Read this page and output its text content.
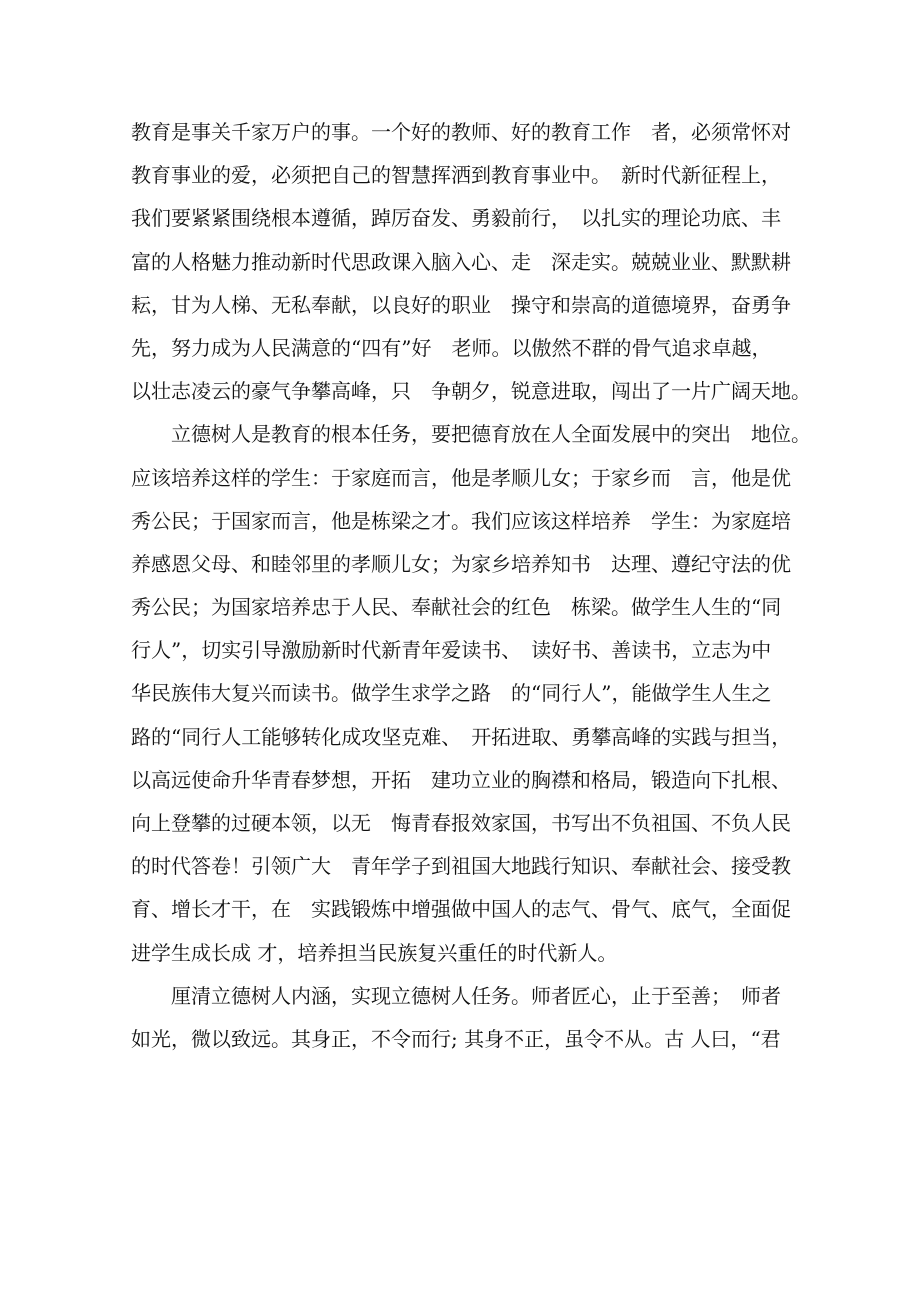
教育是事关千家万户的事。一个好的教师、好的教育工作　者，必须常怀对
教育事业的爱，必须把自己的智慧挥洒到教育事业中。　新时代新征程上，
我们要紧紧围绕根本遵循，踔厉奋发、勇毅前行，　以扎实的理论功底、丰
富的人格魅力推动新时代思政课入脑入心、走　深走实。兢兢业业、默默耕
耘，甘为人梯、无私奉献，以良好的职业　操守和崇高的道德境界，奋勇争
先，努力成为人民满意的“四有”好　老师。以傲然不群的骨气追求卓越，
以壮志凌云的豪气争攀高峰，只　争朝夕，锐意进取，闯出了一片广阔天地。
　　立德树人是教育的根本任务，要把德育放在人全面发展中的突出　地位。
应该培养这样的学生：于家庭而言，他是孝顺儿女；于家乡而　言，他是优
秀公民；于国家而言，他是栋梁之才。我们应该这样培养　学生：为家庭培
养感恩父母、和睦邻里的孝顺儿女；为家乡培养知书　达理、遵纪守法的优
秀公民；为国家培养忠于人民、奉献社会的红色　栋梁。做学生人生的“同
行人”，切实引导激励新时代新青年爱读书、　读好书、善读书，立志为中
华民族伟大复兴而读书。做学生求学之路　的“同行人”，能做学生人生之
路的“同行人工能够转化成攻坚克难、　开拓进取、勇攀高峰的实践与担当，
以高远使命升华青春梦想，开拓　建功立业的胸襟和格局，锻造向下扎根、
向上登攀的过硬本领，以无　悔青春报效家国，书写出不负祖国、不负人民
的时代答卷！引领广大　青年学子到祖国大地践行知识、奉献社会、接受教
育、增长才干，在　实践锻炼中增强做中国人的志气、骨气、底气，全面促
进学生成长成 才，培养担当民族复兴重任的时代新人。
　　厘清立德树人内涵，实现立德树人任务。师者匠心，止于至善；　师者
如光，微以致远。其身正，不令而行; 其身不正，虽令不从。古 人曰，“君
